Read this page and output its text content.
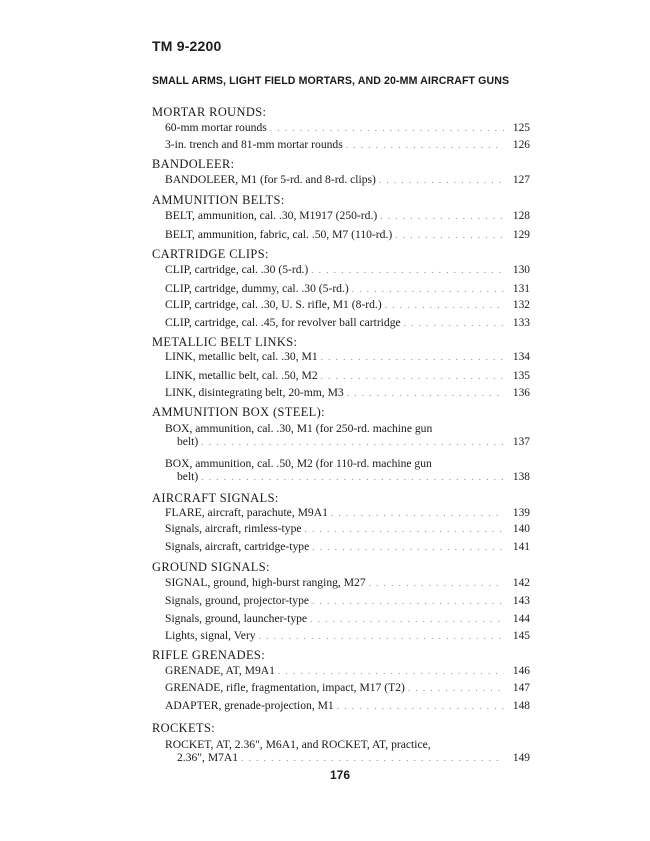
TM 9-2200
SMALL ARMS, LIGHT FIELD MORTARS, AND 20-MM AIRCRAFT GUNS
MORTAR ROUNDS:
60-mm mortar rounds . . .	125
3-in. trench and 81-mm mortar rounds . . .	126
BANDOLEER:
BANDOLEER, M1 (for 5-rd. and 8-rd. clips) . . .	127
AMMUNITION BELTS:
BELT, ammunition, cal. .30, M1917 (250-rd.) . . .	128
BELT, ammunition, fabric, cal. .50, M7 (110-rd.) . . .	129
CARTRIDGE CLIPS:
CLIP, cartridge, cal. .30 (5-rd.) . . .	130
CLIP, cartridge, dummy, cal. .30 (5-rd.) . . .	131
CLIP, cartridge, cal. .30, U. S. rifle, M1 (8-rd.) . . .	132
CLIP, cartridge, cal. .45, for revolver ball cartridge . . .	133
METALLIC BELT LINKS:
LINK, metallic belt, cal. .30, M1 . . .	134
LINK, metallic belt, cal. .50, M2 . . .	135
LINK, disintegrating belt, 20-mm, M3 . . .	136
AMMUNITION BOX (STEEL):
BOX, ammunition, cal. .30, M1 (for 250-rd. machine gun
belt) . . .	137
BOX, ammunition, cal. .50, M2 (for 110-rd. machine gun
belt) . . .	138
AIRCRAFT SIGNALS:
FLARE, aircraft, parachute, M9A1 . . .	139
Signals, aircraft, rimless-type . . .	140
Signals, aircraft, cartridge-type . . .	141
GROUND SIGNALS:
SIGNAL, ground, high-burst ranging, M27 . . .	142
Signals, ground, projector-type . . .	143
Signals, ground, launcher-type . . .	144
Lights, signal, Very . . .	145
RIFLE GRENADES:
GRENADE, AT, M9A1 . . .	146
GRENADE, rifle, fragmentation, impact, M17 (T2) . . .	147
ADAPTER, grenade-projection, M1 . . .	148
ROCKETS:
ROCKET, AT, 2.36", M6A1, and ROCKET, AT, practice,
2.36", M7A1 . . .	149
176
